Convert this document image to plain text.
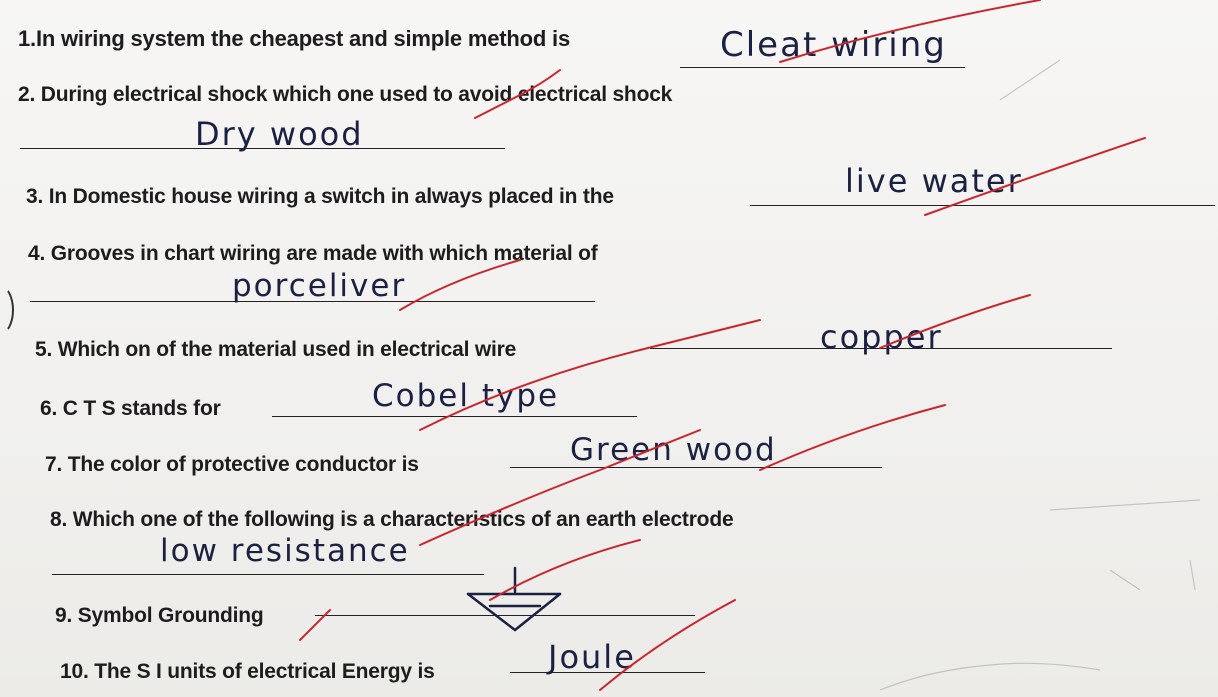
1.In wiring system the cheapest and simple method is	Cleat wiring
2. During electrical shock which one used to avoid electrical shock
Dry wood
3. In Domestic house wiring a switch in always placed in the	live water
4. Grooves in chart wiring are made with which material of
porceliver
5. Which on of the material used in electrical wire	copper
6. C T S stands for	Cobel type
7. The color of protective conductor is	Green wood
8. Which one of the following is a characteristics of an earth electrode
low resistance
9. Symbol Grounding
10. The S I units of electrical Energy is	Joule
